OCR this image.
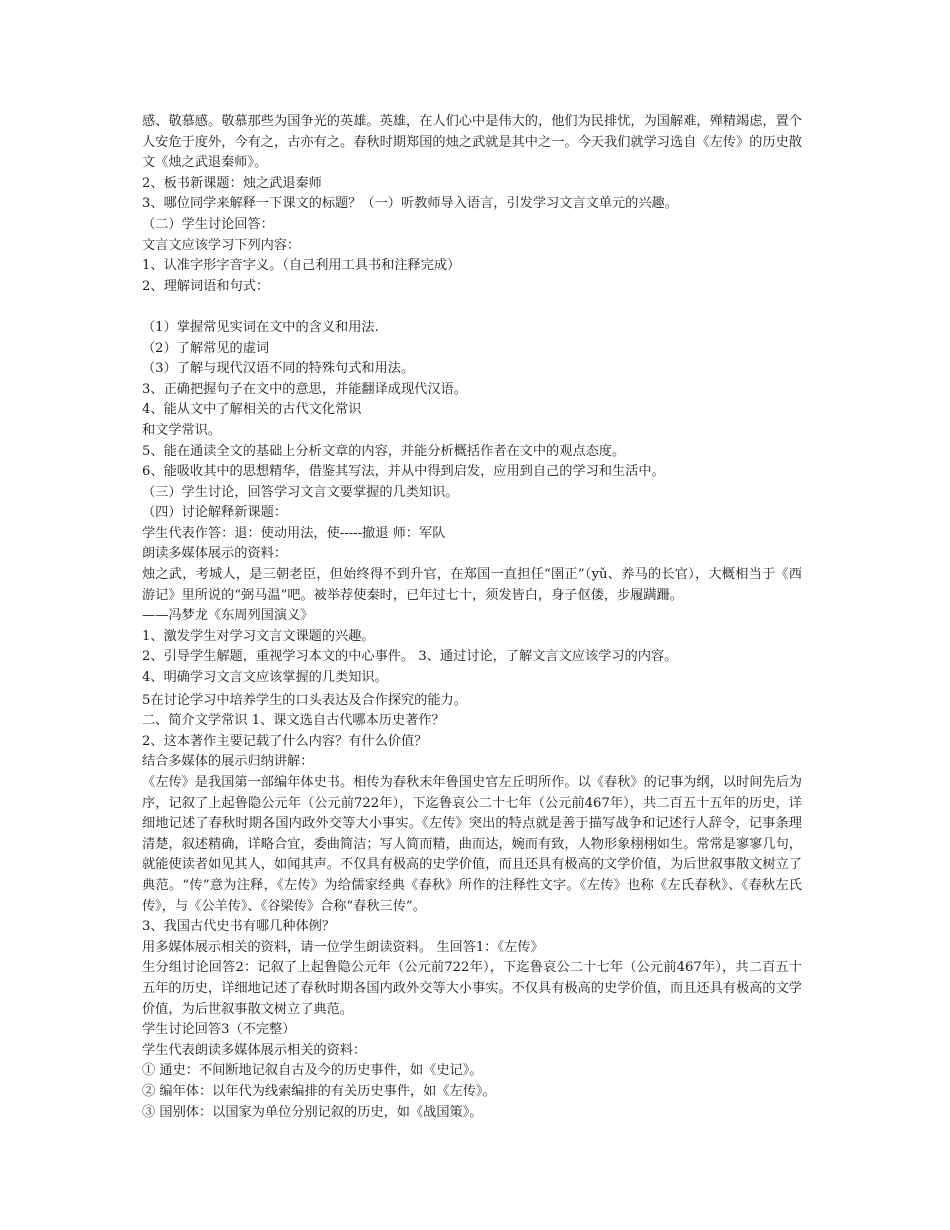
感、敬慕感。敬慕那些为国争光的英雄。英雄，在人们心中是伟大的，他们为民排忧，为国解难，殚精竭虑，置个人安危于度外，今有之，古亦有之。春秋时期郑国的烛之武就是其中之一。今天我们就学习选自《左传》的历史散文《烛之武退秦师》。

2、板书新课题：烛之武退秦师

3、哪位同学来解释一下课文的标题？（一）听教师导入语言，引发学习文言文单元的兴趣。

（二）学生讨论回答：

文言文应该学习下列内容：

1、认准字形字音字义。（自己利用工具书和注释完成）

2、理解词语和句式：

（1）掌握常见实词在文中的含义和用法.

（2）了解常见的虚词

（3）了解与现代汉语不同的特殊句式和用法。

3、正确把握句子在文中的意思，并能翻译成现代汉语。

4、能从文中了解相关的古代文化常识

和文学常识。

5、能在通读全文的基础上分析文章的内容，并能分析概括作者在文中的观点态度。

6、能吸收其中的思想精华，借鉴其写法，并从中得到启发，应用到自己的学习和生活中。

（三）学生讨论，回答学习文言文要掌握的几类知识。

（四）讨论解释新课题：

学生代表作答：退：使动用法，使-----撤退 师：军队

朗读多媒体展示的资料：

烛之武，考城人，是三朝老臣，但始终得不到升官，在郑国一直担任“圉正”（yǔ、养马的长官），大概相当于《西游记》里所说的“弼马温”吧。被举荐使秦时，已年过七十，须发皆白，身子伛偻，步履蹒跚。

——冯梦龙《东周列国演义》

1、激发学生对学习文言文课题的兴趣。

2、引导学生解题，重视学习本文的中心事件。 3、通过讨论，了解文言文应该学习的内容。

4、明确学习文言文应该掌握的几类知识。

5在讨论学习中培养学生的口头表达及合作探究的能力。

二、简介文学常识 1、课文选自古代哪本历史著作？

2、这本著作主要记载了什么内容？有什么价值？

结合多媒体的展示归纳讲解：

《左传》是我国第一部编年体史书。相传为春秋末年鲁国史官左丘明所作。以《春秋》的记事为纲，以时间先后为序，记叙了上起鲁隐公元年（公元前722年），下迄鲁哀公二十七年（公元前467年），共二百五十五年的历史，详细地记述了春秋时期各国内政外交等大小事实。《左传》突出的特点就是善于描写战争和记述行人辞令，记事条理清楚，叙述精确，详略合宜，委曲简洁；写人简而精，曲而达，婉而有致，人物形象栩栩如生。常常是寥寥几句，就能使读者如见其人，如闻其声。不仅具有极高的史学价值，而且还具有极高的文学价值，为后世叙事散文树立了典范。“传”意为注释，《左传》为给儒家经典《春秋》所作的注释性文字。《左传》也称《左氏春秋》、《春秋左氏传》，与《公羊传》、《谷梁传》合称“春秋三传”。

3、我国古代史书有哪几种体例？

用多媒体展示相关的资料，请一位学生朗读资料。 生回答1：《左传》

生分组讨论回答2：记叙了上起鲁隐公元年（公元前722年），下迄鲁哀公二十七年（公元前467年），共二百五十五年的历史，详细地记述了春秋时期各国内政外交等大小事实。不仅具有极高的史学价值，而且还具有极高的文学价值，为后世叙事散文树立了典范。

学生讨论回答3（不完整）

学生代表朗读多媒体展示相关的资料：

① 通史：不间断地记叙自古及今的历史事件，如《史记》。

② 编年体：以年代为线索编排的有关历史事件，如《左传》。

③ 国别体：以国家为单位分别记叙的历史，如《战国策》。
